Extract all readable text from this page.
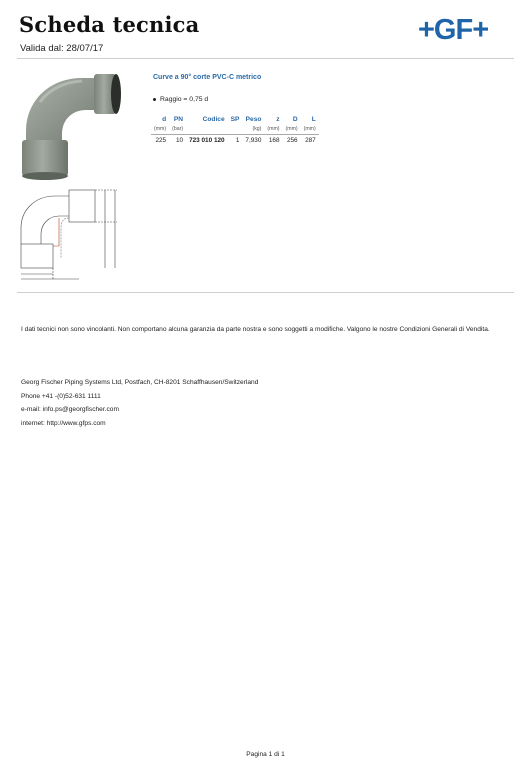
Scheda tecnica
Valida dal: 28/07/17
+GF+
Curve a 90° corte PVC-C metrico
Raggio = 0,75 d
d	PN	Codice	SP	Peso	z	D	L
(mm)	(bar)			(kg)	(mm)	(mm)	(mm)
225	10	723 010 120	1	7,930	168	256	287
I dati tecnici non sono vincolanti. Non comportano alcuna garanzia da parte nostra e sono soggetti a modifiche. Valgono le nostre Condizioni Generali di Vendita.
Georg Fischer Piping Systems Ltd, Postfach, CH-8201 Schaffhausen/Switzerland
Phone +41 -(0)52-631 1111
e-mail: info.ps@georgfischer.com
internet: http://www.gfps.com
Pagina 1 di 1
